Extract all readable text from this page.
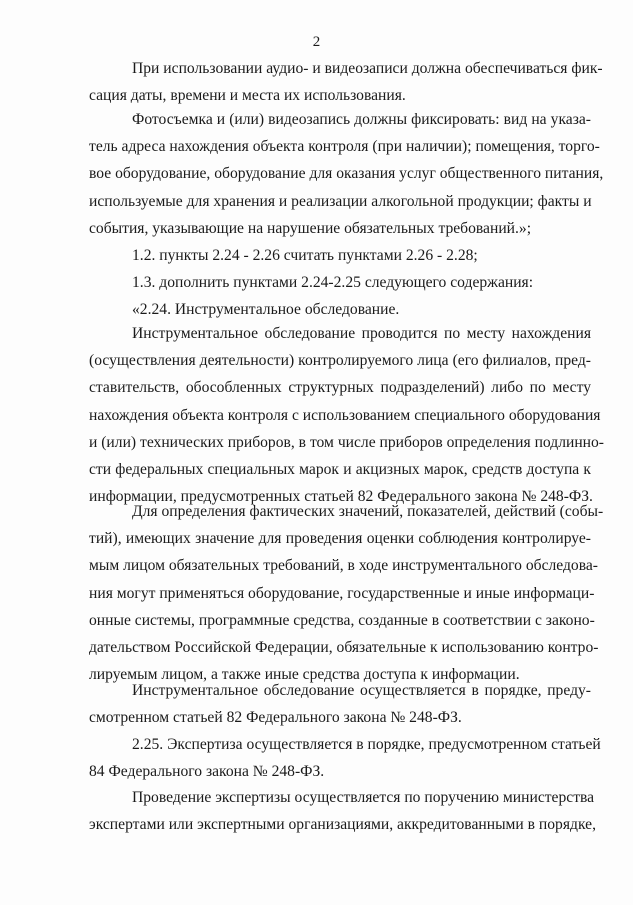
2
При использовании аудио- и видеозаписи должна обеспечиваться фик-
сация даты, времени и места их использования.
Фотосъемка и (или) видеозапись должны фиксировать: вид на указа-
тель адреса нахождения объекта контроля (при наличии); помещения, торго-
вое оборудование, оборудование для оказания услуг общественного питания,
используемые для хранения и реализации алкогольной продукции; факты и
события, указывающие на нарушение обязательных требований.»;
1.2. пункты 2.24 - 2.26 считать пунктами 2.26 - 2.28;
1.3. дополнить пунктами 2.24-2.25 следующего содержания:
«2.24. Инструментальное обследование.
Инструментальное обследование проводится по месту нахождения
(осуществления деятельности) контролируемого лица (его филиалов, пред-
ставительств, обособленных структурных подразделений) либо по месту
нахождения объекта контроля с использованием специального оборудования
и (или) технических приборов, в том числе приборов определения подлинно-
сти федеральных специальных марок и акцизных марок, средств доступа к
информации, предусмотренных статьей 82 Федерального закона № 248-ФЗ.
Для определения фактических значений, показателей, действий (собы-
тий), имеющих значение для проведения оценки соблюдения контролируе-
мым лицом обязательных требований, в ходе инструментального обследова-
ния могут применяться оборудование, государственные и иные информаци-
онные системы, программные средства, созданные в соответствии с законо-
дательством Российской Федерации, обязательные к использованию контро-
лируемым лицом, а также иные средства доступа к информации.
Инструментальное обследование осуществляется в порядке, преду-
смотренном статьей 82 Федерального закона № 248-ФЗ.
2.25. Экспертиза осуществляется в порядке, предусмотренном статьей
84 Федерального закона № 248-ФЗ.
Проведение экспертизы осуществляется по поручению министерства
экспертами или экспертными организациями, аккредитованными в порядке,
